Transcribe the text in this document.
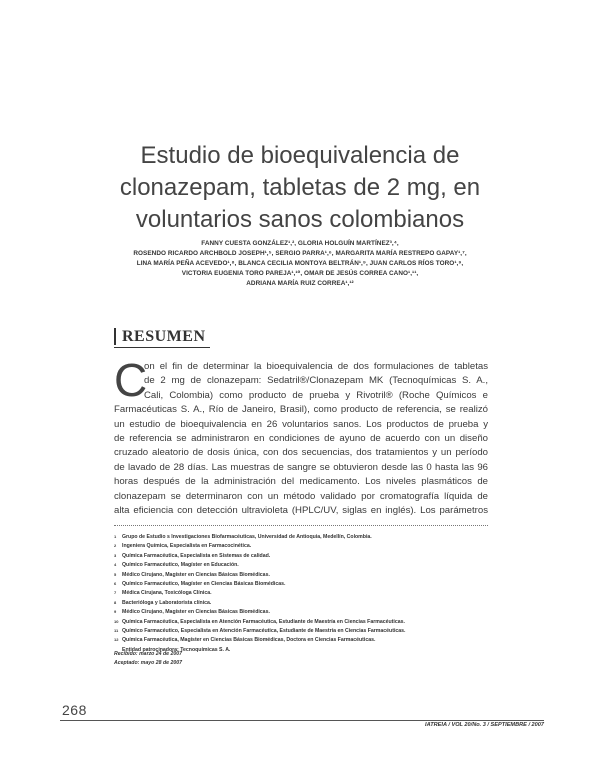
Estudio de bioequivalencia de
clonazepam, tabletas de 2 mg, en
voluntarios sanos colombianos
FANNY CUESTA GONZÁLEZ¹,², GLORIA HOLGUÍN MARTÍNEZ³,⁴,
ROSENDO RICARDO ARCHBOLD JOSEPH¹,⁵, SERGIO PARRA¹,⁶, MARGARITA MARÍA RESTREPO GAPAY¹,⁷,
LINA MARÍA PEÑA ACEVEDO¹,⁸, BLANCA CECILIA MONTOYA BELTRÁN¹,⁹, JUAN CARLOS RÍOS TORO¹,⁹,
VICTORIA EUGENIA TORO PAREJA¹,¹⁰, OMAR DE JESÚS CORREA CANO¹,¹¹,
ADRIANA MARÍA RUIZ CORREA¹,¹²
RESUMEN
C
on el fin de determinar la bioequivalencia de dos formulaciones de tabletas
de 2 mg de clonazepam: Sedatril®/Clonazepam MK (Tecnoquímicas S. A.,
Cali, Colombia) como producto de prueba y Rivotril® (Roche Químicos e
Farmacéuticas S. A., Río de Janeiro, Brasil), como producto de referencia, se realizó
un estudio de bioequivalencia en 26 voluntarios sanos. Los productos de prueba y
de referencia se administraron en condiciones de ayuno de acuerdo con un diseño
cruzado aleatorio de dosis única, con dos secuencias, dos tratamientos y un período
de lavado de 28 días. Las muestras de sangre se obtuvieron desde las 0 hasta las 96
horas después de la administración del medicamento. Los niveles plasmáticos de
clonazepam se determinaron con un método validado por cromatografía líquida de
alta eficiencia con detección ultravioleta (HPLC/UV, siglas en inglés). Los parámetros
1 Grupo de Estudio s Investigaciones Biofarmacéuticas, Universidad de Antioquia, Medellín, Colombia.
2 Ingeniera Química, Especialista en Farmacocinética.
3 Química Farmacéutica, Especialista en Sistemas de calidad.
4 Químico Farmacéutico, Magíster en Educación.
5 Médico Cirujano, Magíster en Ciencias Básicas Biomédicas.
6 Químico Farmacéutico, Magíster en Ciencias Básicas Biomédicas.
7 Médica Cirujana, Toxicóloga Clínica.
8 Bacterióloga y Laboratorista clínica.
9 Médico Cirujano, Magíster en Ciencias Básicas Biomédicas.
10 Química Farmacéutica, Especialista en Atención Farmacéutica, Estudiante de Maestría en Ciencias Farmacéuticas.
11 Químico Farmacéutico, Especialista en Atención Farmacéutica, Estudiante de Maestría en Ciencias Farmacéuticas.
12 Química Farmacéutica, Magíster en Ciencias Básicas Biomédicas, Doctora en Ciencias Farmacéuticas.
Entidad patrocinadora: Tecnoquímicas S. A.
Recibido: marzo 24 de 2007
Aceptado: mayo 28 de 2007
268
IATREIA / VOL 20/No. 3 / SEPTIEMBRE / 2007
